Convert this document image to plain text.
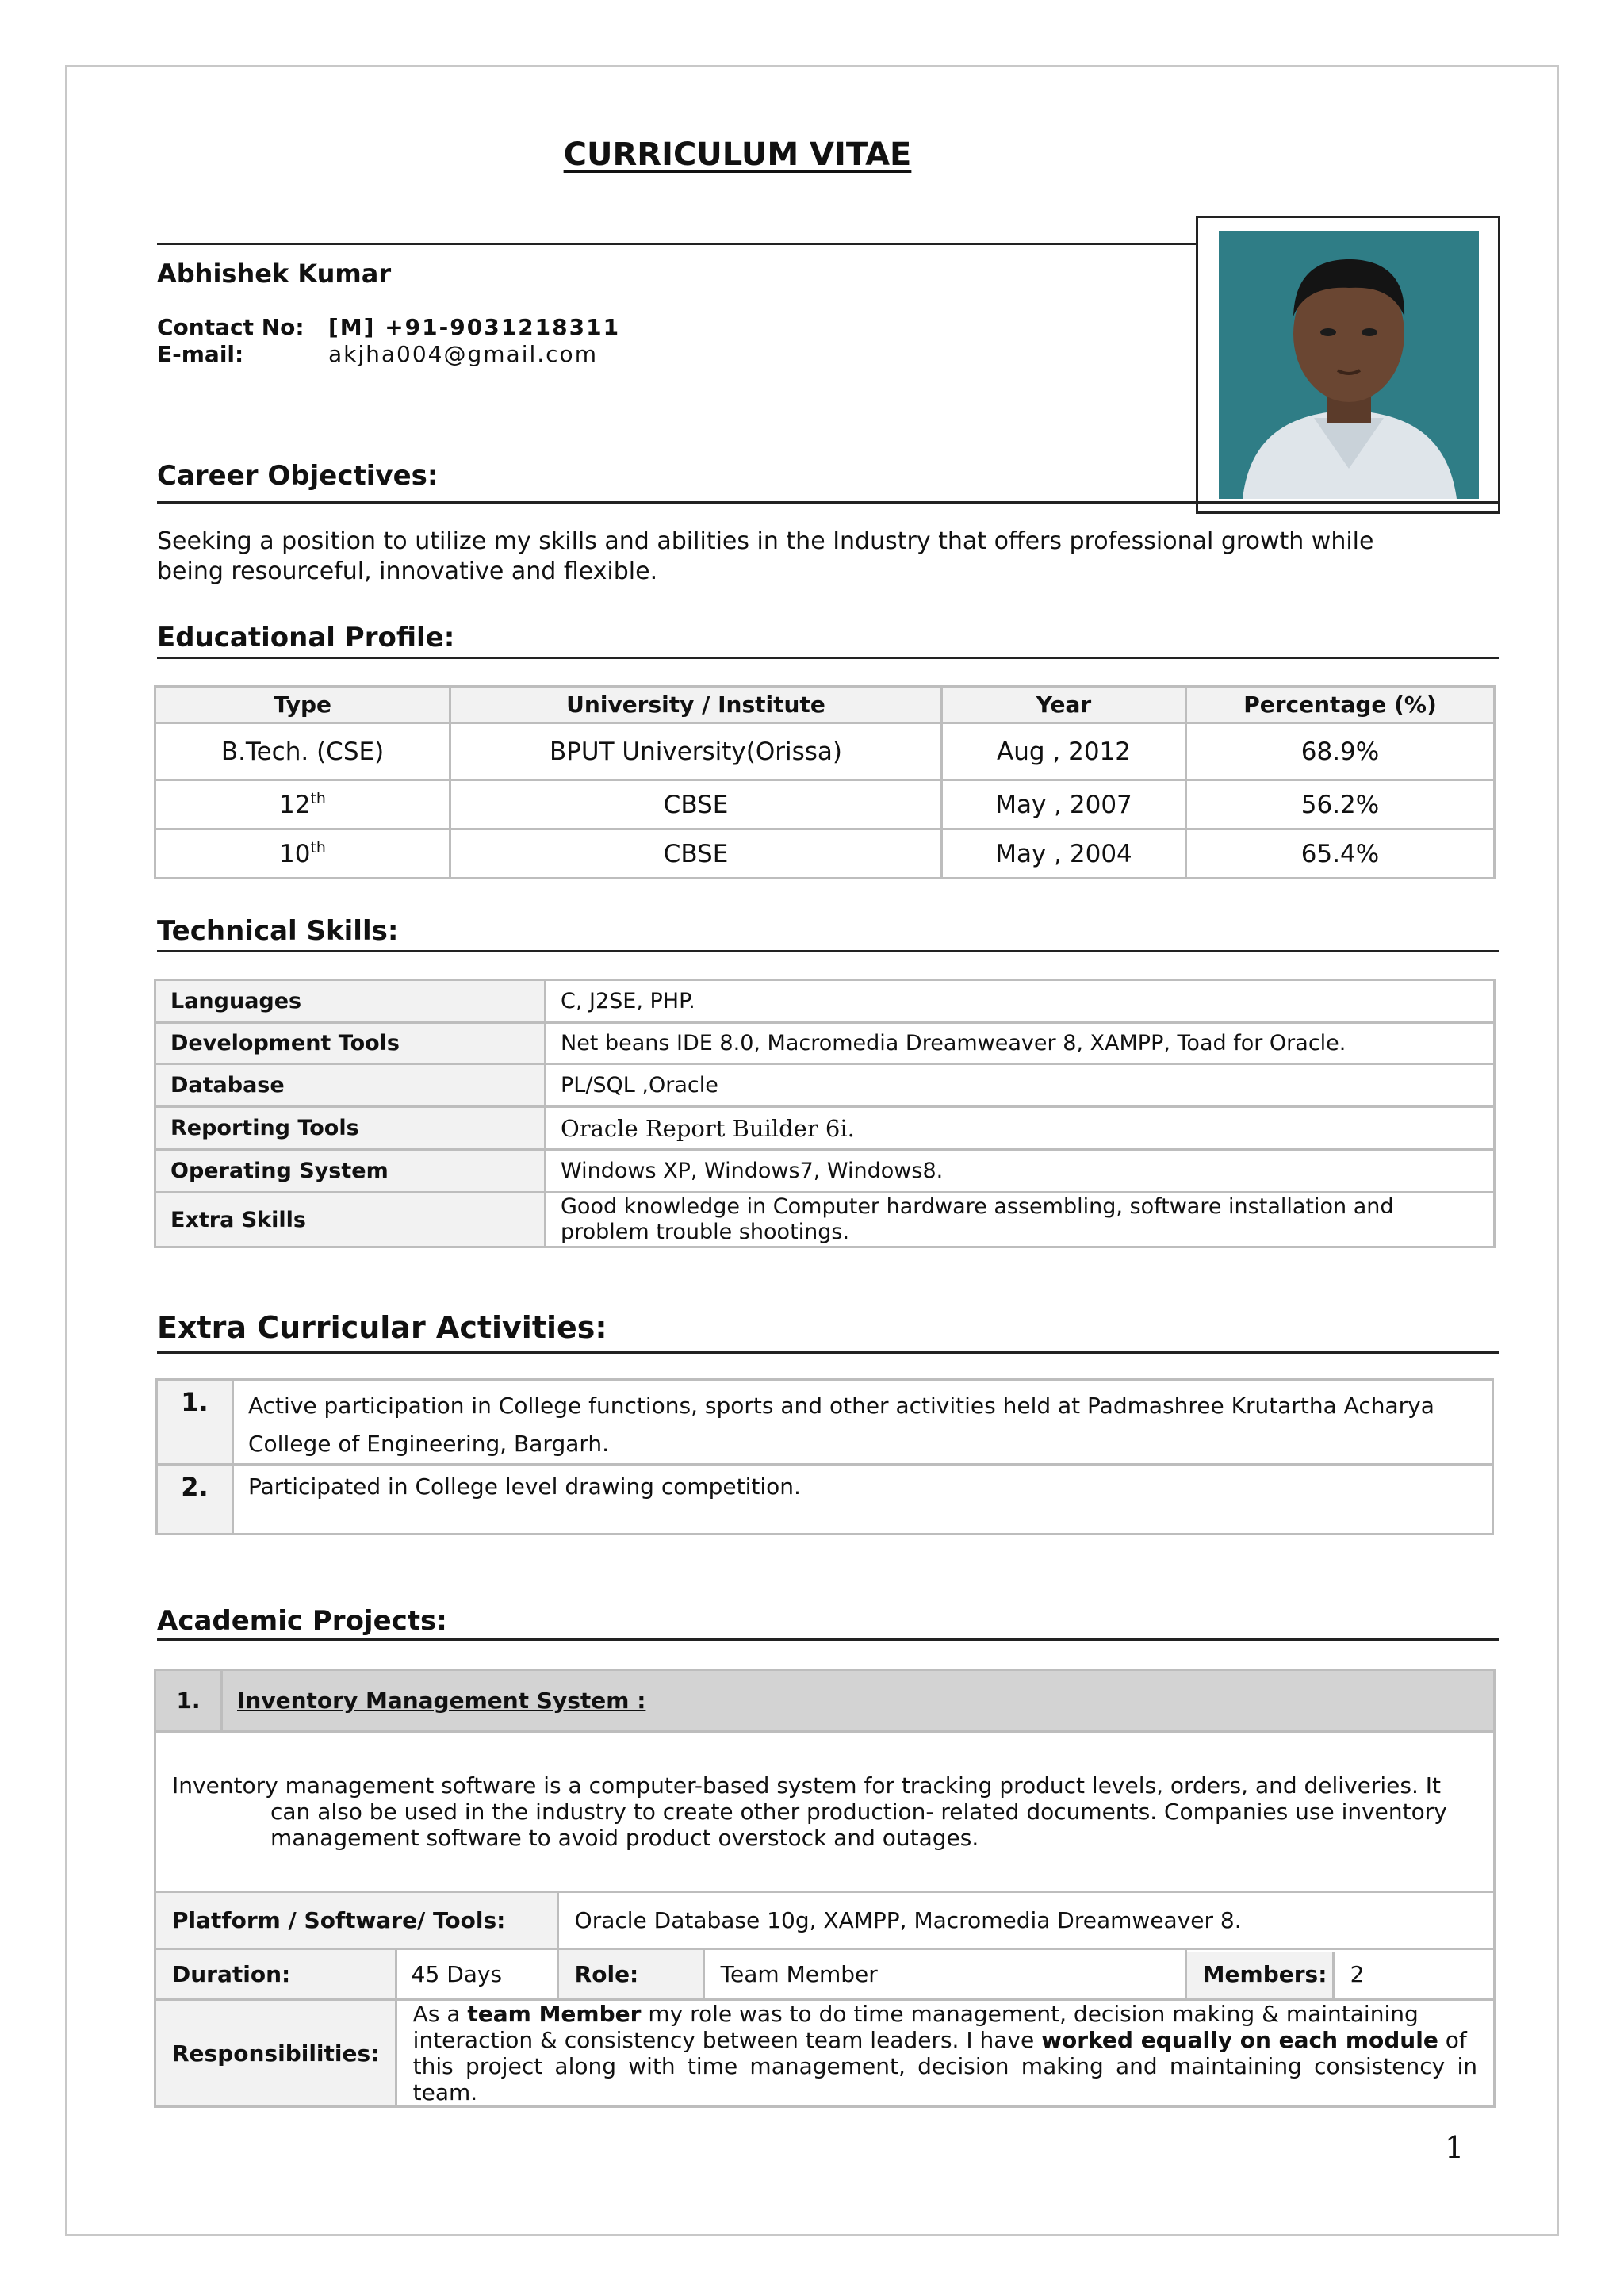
CURRICULUM VITAE
Abhishek Kumar
Contact No: [M] +91-9031218311
E-mail:	akjha004@gmail.com
Career Objectives:
Seeking a position to utilize my skills and abilities in the Industry that offers professional growth while
being resourceful, innovative and flexible.
Educational Profile:
Type	University / Institute	Year	Percentage (%)
B.Tech. (CSE)	BPUT University(Orissa)	Aug , 2012	68.9%
12th	CBSE	May , 2007	56.2%
10th	CBSE	May , 2004	65.4%
Technical Skills:
Languages	C, J2SE, PHP.
Development Tools	Net beans IDE 8.0, Macromedia Dreamweaver 8, XAMPP, Toad for Oracle.
Database	PL/SQL ,Oracle
Reporting Tools	Oracle Report Builder 6i.
Operating System	Windows XP, Windows7, Windows8.
Extra Skills	Good knowledge in Computer hardware assembling, software installation and
problem trouble shootings.
Extra Curricular Activities:
1.	Active participation in College functions, sports and other activities held at Padmashree Krutartha Acharya
College of Engineering, Bargarh.

2.	Participated in College level drawing competition.
Academic Projects:
1.	Inventory Management System :				

Inventory management software is a computer-based system for tracking product levels, orders, and deliveries. It
can also be used in the industry to create other production- related documents. Companies use inventory
management software to avoid product overstock and outages.					

Platform / Software/ Tools:			Oracle Database 10g, XAMPP, Macromedia Dreamweaver 8.		
Duration:		45 Days	Role:	Team Member	Members: 2

Responsibilities:		As a team Member my role was to do time management, decision making & maintaining
interaction & consistency between team leaders. I have worked equally on each module of
this project along with time management, decision making and maintaining consistency in team.			
1
